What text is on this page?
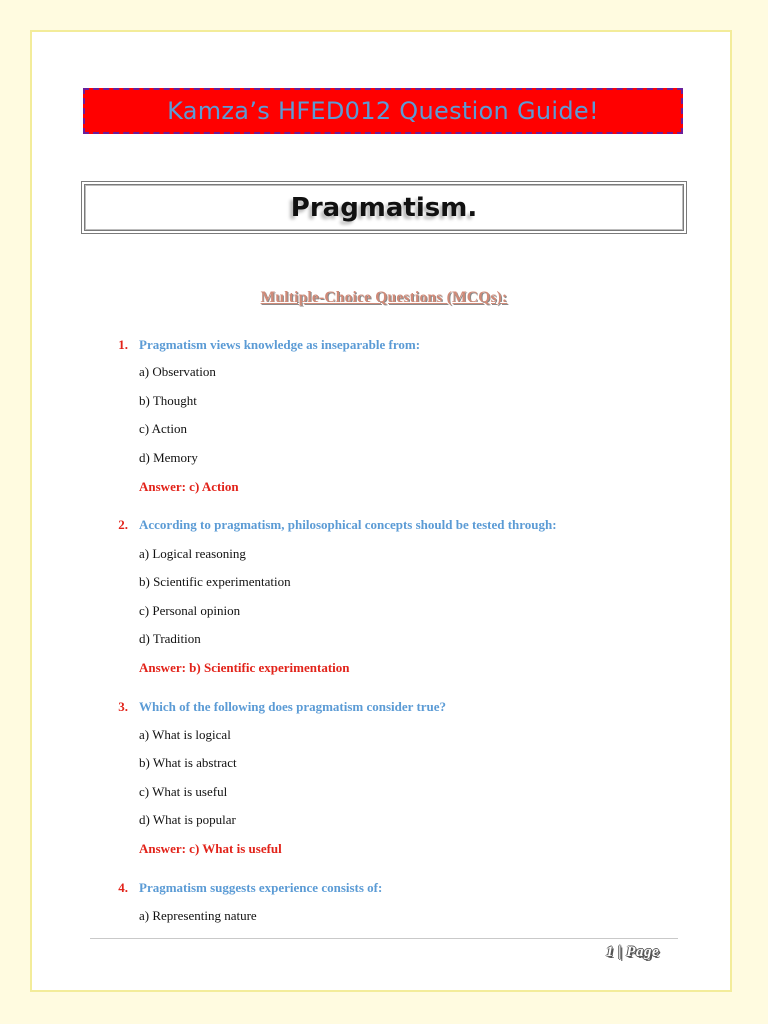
Kamza’s HFED012 Question Guide!
Pragmatism.
Multiple-Choice Questions (MCQs):
1. Pragmatism views knowledge as inseparable from:
a) Observation
b) Thought
c) Action
d) Memory
Answer: c) Action
2. According to pragmatism, philosophical concepts should be tested through:
a) Logical reasoning
b) Scientific experimentation
c) Personal opinion
d) Tradition
Answer: b) Scientific experimentation
3. Which of the following does pragmatism consider true?
a) What is logical
b) What is abstract
c) What is useful
d) What is popular
Answer: c) What is useful
4. Pragmatism suggests experience consists of:
a) Representing nature
1 | Page
